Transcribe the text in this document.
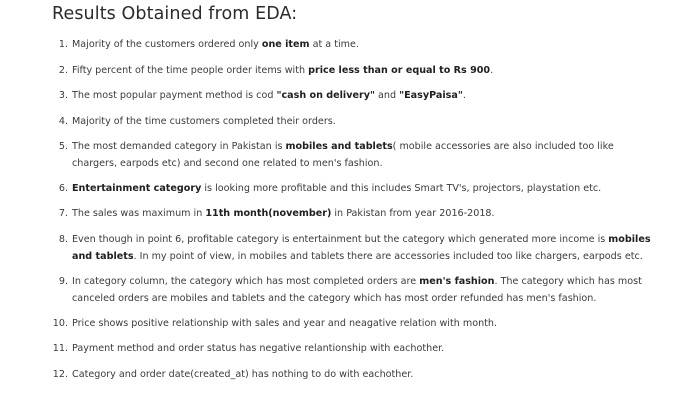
Results Obtained from EDA:
1. Majority of the customers ordered only one item at a time.
2. Fifty percent of the time people order items with price less than or equal to Rs 900.
3. The most popular payment method is cod "cash on delivery" and "EasyPaisa".
4. Majority of the time customers completed their orders.
5. The most demanded category in Pakistan is mobiles and tablets( mobile accessories are also included too like chargers, earpods etc) and second one related to men's fashion.
6. Entertainment category is looking more profitable and this includes Smart TV's, projectors, playstation etc.
7. The sales was maximum in 11th month(november) in Pakistan from year 2016-2018.
8. Even though in point 6, profitable category is entertainment but the category which generated more income is mobiles and tablets. In my point of view, in mobiles and tablets there are accessories included too like chargers, earpods etc.
9. In category column, the category which has most completed orders are men's fashion. The category which has most canceled orders are mobiles and tablets and the category which has most order refunded has men's fashion.
10. Price shows positive relationship with sales and year and neagative relation with month.
11. Payment method and order status has negative relantionship with eachother.
12. Category and order date(created_at) has nothing to do with eachother.
